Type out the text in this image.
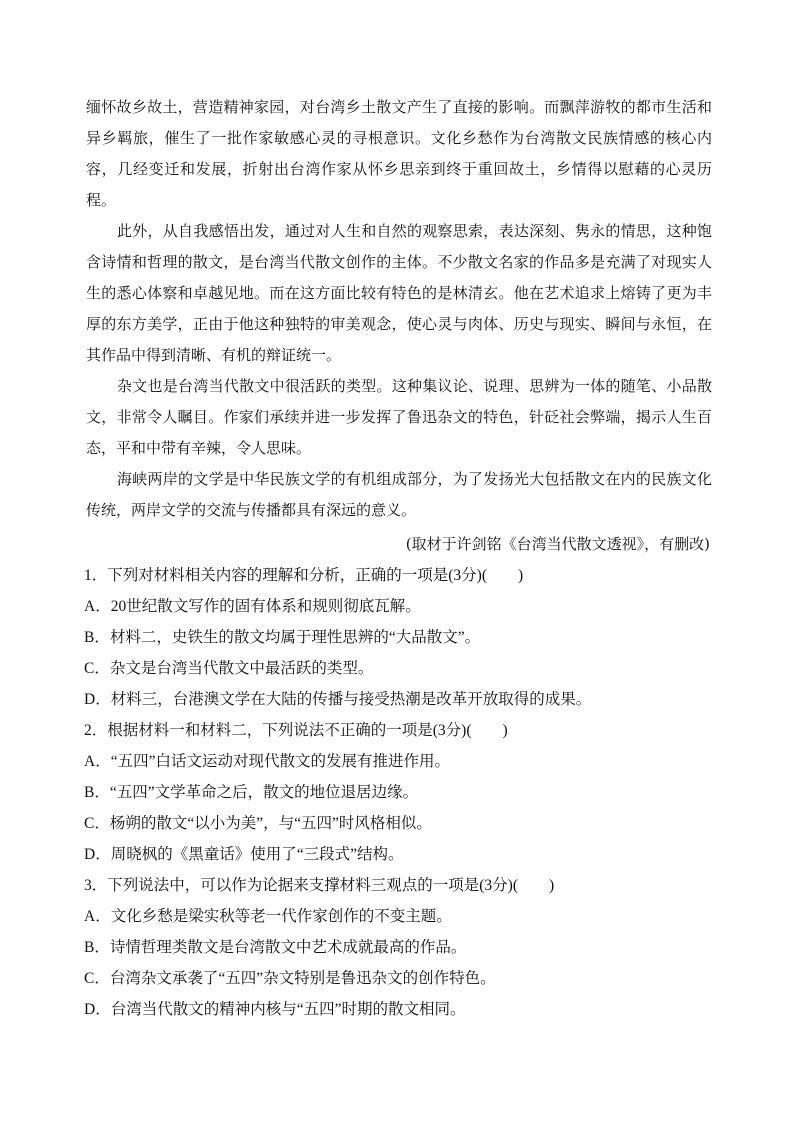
缅怀故乡故土，营造精神家园，对台湾乡土散文产生了直接的影响。而飘萍游牧的都市生活和异乡羁旅，催生了一批作家敏感心灵的寻根意识。文化乡愁作为台湾散文民族情感的核心内容，几经变迁和发展，折射出台湾作家从怀乡思亲到终于重回故土，乡情得以慰藉的心灵历程。

此外，从自我感悟出发，通过对人生和自然的观察思索，表达深刻、隽永的情思，这种饱含诗情和哲理的散文，是台湾当代散文创作的主体。不少散文名家的作品多是充满了对现实人生的悉心体察和卓越见地。而在这方面比较有特色的是林清玄。他在艺术追求上熔铸了更为丰厚的东方美学，正由于他这种独特的审美观念，使心灵与肉体、历史与现实、瞬间与永恒，在其作品中得到清晰、有机的辩证统一。

杂文也是台湾当代散文中很活跃的类型。这种集议论、说理、思辨为一体的随笔、小品散文，非常令人瞩目。作家们承续并进一步发挥了鲁迅杂文的特色，针砭社会弊端，揭示人生百态，平和中带有辛辣，令人思味。

海峡两岸的文学是中华民族文学的有机组成部分，为了发扬光大包括散文在内的民族文化传统，两岸文学的交流与传播都具有深远的意义。

(取材于许剑铭《台湾当代散文透视》，有删改)

1．下列对材料相关内容的理解和分析，正确的一项是(3分)(　　)

A．20世纪散文写作的固有体系和规则彻底瓦解。

B．材料二，史铁生的散文均属于理性思辨的“大品散文”。

C．杂文是台湾当代散文中最活跃的类型。

D．材料三，台港澳文学在大陆的传播与接受热潮是改革开放取得的成果。

2．根据材料一和材料二，下列说法不正确的一项是(3分)(　　)

A．“五四”白话文运动对现代散文的发展有推进作用。

B．“五四”文学革命之后，散文的地位退居边缘。

C．杨朔的散文“以小为美”，与“五四”时风格相似。

D．周晓枫的《黑童话》使用了“三段式”结构。

3．下列说法中，可以作为论据来支撑材料三观点的一项是(3分)(　　)

A．文化乡愁是梁实秋等老一代作家创作的不变主题。

B．诗情哲理类散文是台湾散文中艺术成就最高的作品。

C．台湾杂文承袭了“五四”杂文特别是鲁迅杂文的创作特色。

D．台湾当代散文的精神内核与“五四”时期的散文相同。
